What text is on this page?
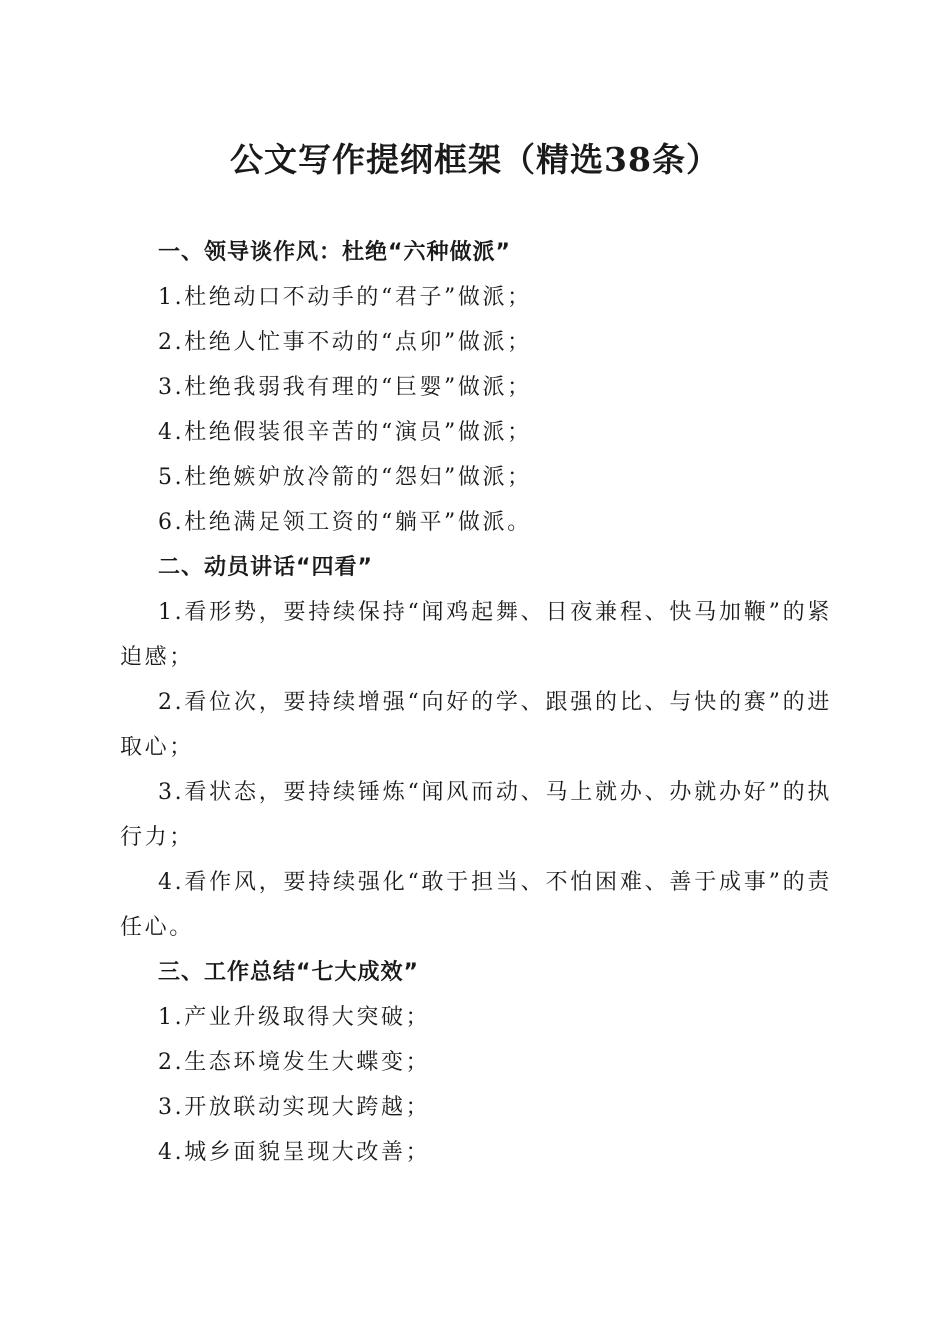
公文写作提纲框架（精选38条）

一、领导谈作风：杜绝“六种做派”

1.杜绝动口不动手的“君子”做派；

2.杜绝人忙事不动的“点卯”做派；

3.杜绝我弱我有理的“巨婴”做派；

4.杜绝假装很辛苦的“演员”做派；

5.杜绝嫉妒放冷箭的“怨妇”做派；

6.杜绝满足领工资的“躺平”做派。

二、动员讲话“四看”

1.看形势，要持续保持“闻鸡起舞、日夜兼程、快马加鞭”的紧迫感；

2.看位次，要持续增强“向好的学、跟强的比、与快的赛”的进取心；

3.看状态，要持续锤炼“闻风而动、马上就办、办就办好”的执行力；

4.看作风，要持续强化“敢于担当、不怕困难、善于成事”的责任心。

三、工作总结“七大成效”

1.产业升级取得大突破；

2.生态环境发生大蝶变；

3.开放联动实现大跨越；

4.城乡面貌呈现大改善；
